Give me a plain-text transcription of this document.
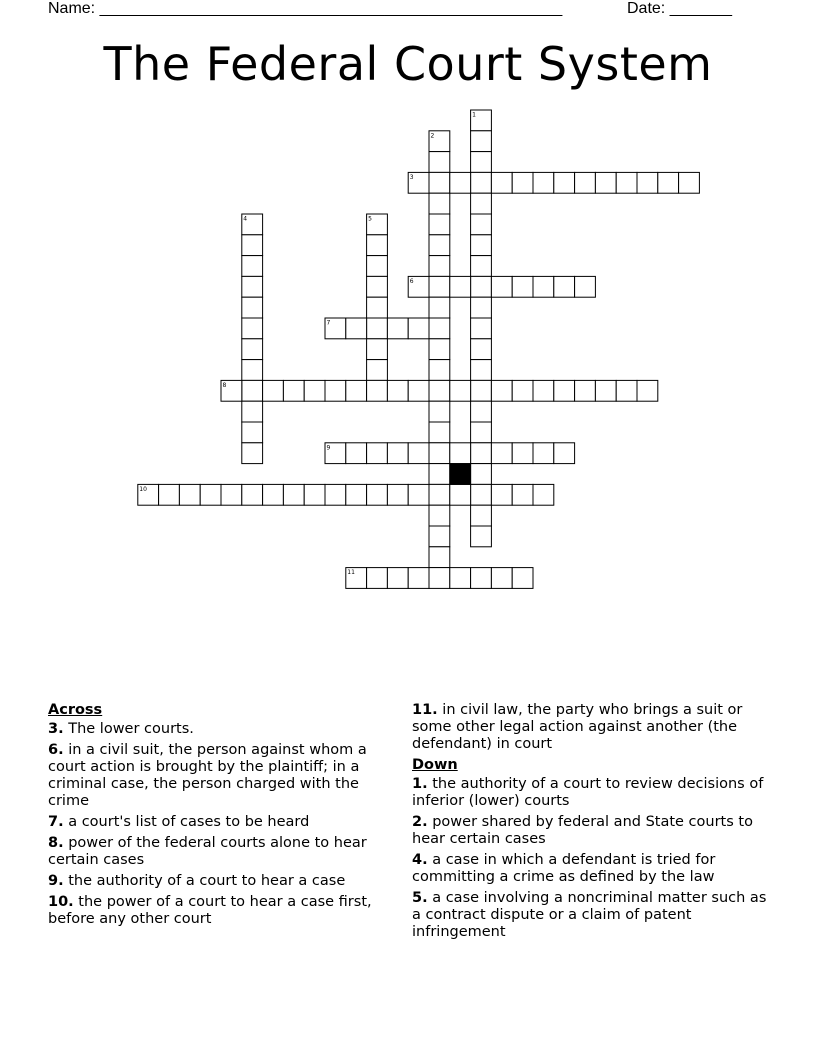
Name: ____________________________________________________	Date: _______
The Federal Court System
1
2
3
4	5
6
7
8
9
10
11
Across
3. The lower courts.
6. in a civil suit, the person against whom a court action is brought by the plaintiff; in a criminal case, the person charged with the crime
7. a court's list of cases to be heard
8. power of the federal courts alone to hear certain cases
9. the authority of a court to hear a case
10. the power of a court to hear a case first, before any other court
11. in civil law, the party who brings a suit or some other legal action against another (the defendant) in court
Down
1. the authority of a court to review decisions of inferior (lower) courts
2. power shared by federal and State courts to hear certain cases
4. a case in which a defendant is tried for committing a crime as defined by the law
5. a case involving a noncriminal matter such as a contract dispute or a claim of patent infringement
